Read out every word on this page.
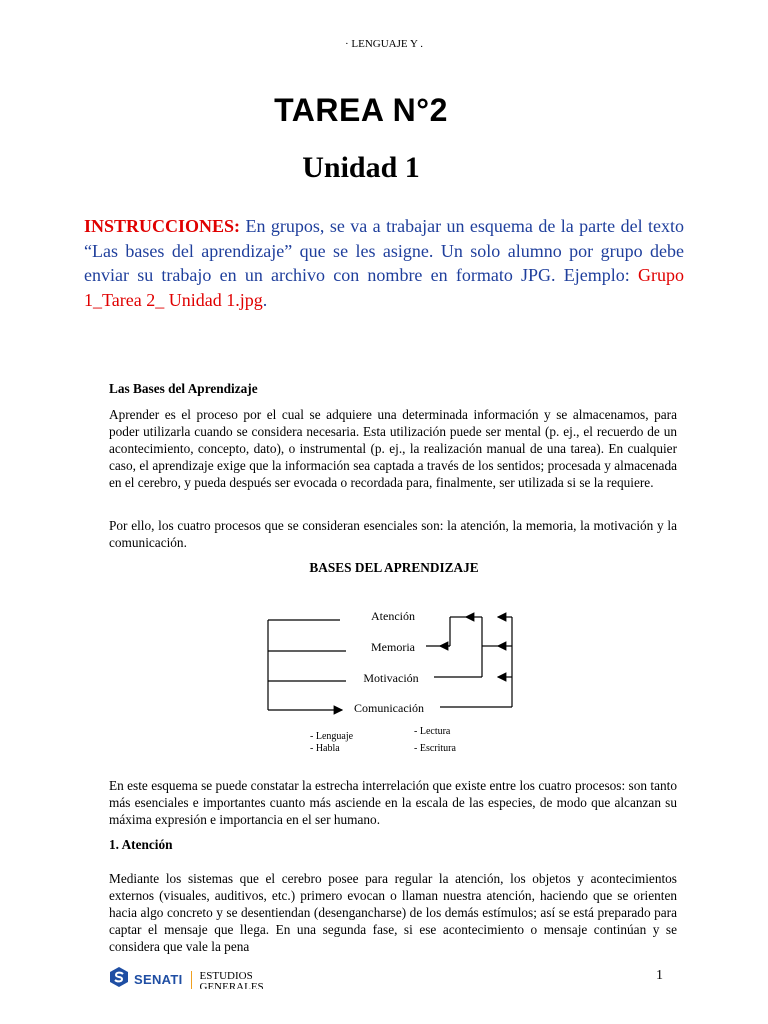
· LENGUAJE Y .
TAREA N°2
Unidad 1
INSTRUCCIONES: En grupos, se va a trabajar un esquema de la parte del texto “Las bases del aprendizaje” que se les asigne. Un solo alumno por grupo debe enviar su trabajo en un archivo con nombre en formato JPG. Ejemplo: Grupo 1_Tarea 2_ Unidad 1.jpg.
Las Bases del Aprendizaje
Aprender es el proceso por el cual se adquiere una determinada información y se almacenamos, para poder utilizarla cuando se considera necesaria. Esta utilización puede ser mental (p. ej., el recuerdo de un acontecimiento, concepto, dato), o instrumental (p. ej., la realización manual de una tarea). En cualquier caso, el aprendizaje exige que la información sea captada a través de los sentidos; procesada y almacenada en el cerebro, y pueda después ser evocada o recordada para, finalmente, ser utilizada si se la requiere.
Por ello, los cuatro procesos que se consideran esenciales son: la atención, la memoria, la motivación y la comunicación.
BASES DEL APRENDIZAJE
Atención
Memoria
Motivación
Comunicación
- Lenguaje
- Habla
- Lectura
- Escritura
En este esquema se puede constatar la estrecha interrelación que existe entre los cuatro procesos: son tanto más esenciales e importantes cuanto más asciende en la escala de las especies, de modo que alcanzan su máxima expresión e importancia en el ser humano.
1. Atención
Mediante los sistemas que el cerebro posee para regular la atención, los objetos y acontecimientos externos (visuales, auditivos, etc.) primero evocan o llaman nuestra atención, haciendo que se orienten hacia algo concreto y se desentiendan (desengancharse) de los demás estímulos; así se está preparado para captar el mensaje que llega. En una segunda fase, si ese acontecimiento o mensaje continúan y se considera que vale la pena
SENATI ESTUDIOS
GENERALES
1
